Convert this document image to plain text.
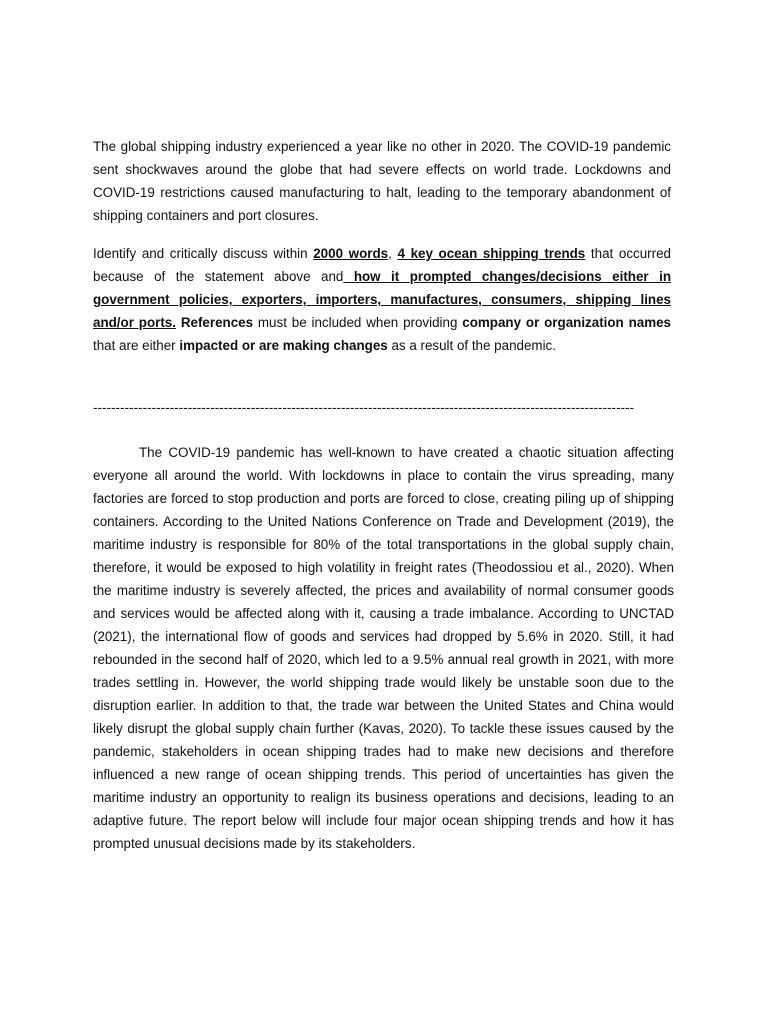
The global shipping industry experienced a year like no other in 2020. The COVID-19 pandemic sent shockwaves around the globe that had severe effects on world trade. Lockdowns and COVID-19 restrictions caused manufacturing to halt, leading to the temporary abandonment of shipping containers and port closures.

Identify and critically discuss within 2000 words, 4 key ocean shipping trends that occurred because of the statement above and how it prompted changes/decisions either in government policies, exporters, importers, manufactures, consumers, shipping lines and/or ports. References must be included when providing company or organization names that are either impacted or are making changes as a result of the pandemic.

------------------------------------------------------------------------------------------------------------------------

The COVID-19 pandemic has well-known to have created a chaotic situation affecting everyone all around the world. With lockdowns in place to contain the virus spreading, many factories are forced to stop production and ports are forced to close, creating piling up of shipping containers. According to the United Nations Conference on Trade and Development (2019), the maritime industry is responsible for 80% of the total transportations in the global supply chain, therefore, it would be exposed to high volatility in freight rates (Theodossiou et al., 2020). When the maritime industry is severely affected, the prices and availability of normal consumer goods and services would be affected along with it, causing a trade imbalance. According to UNCTAD (2021), the international flow of goods and services had dropped by 5.6% in 2020. Still, it had rebounded in the second half of 2020, which led to a 9.5% annual real growth in 2021, with more trades settling in. However, the world shipping trade would likely be unstable soon due to the disruption earlier. In addition to that, the trade war between the United States and China would likely disrupt the global supply chain further (Kavas, 2020). To tackle these issues caused by the pandemic, stakeholders in ocean shipping trades had to make new decisions and therefore influenced a new range of ocean shipping trends. This period of uncertainties has given the maritime industry an opportunity to realign its business operations and decisions, leading to an adaptive future. The report below will include four major ocean shipping trends and how it has prompted unusual decisions made by its stakeholders.
